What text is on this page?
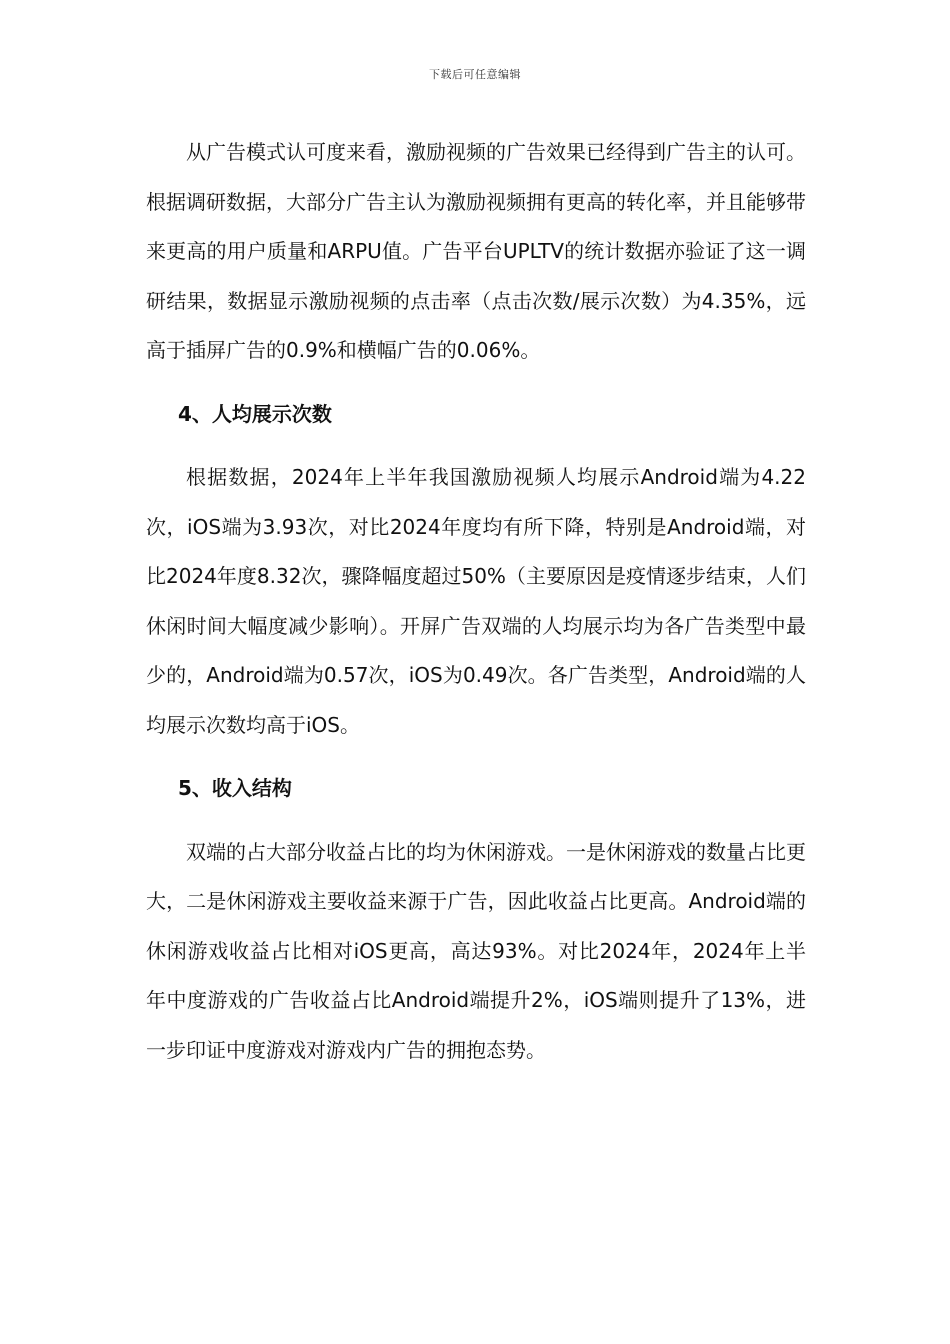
下载后可任意编辑

从广告模式认可度来看，激励视频的广告效果已经得到广告主的认可。根据调研数据，大部分广告主认为激励视频拥有更高的转化率，并且能够带来更高的用户质量和ARPU值。广告平台UPLTV的统计数据亦验证了这一调研结果，数据显示激励视频的点击率（点击次数/展示次数）为4.35%，远高于插屏广告的0.9%和横幅广告的0.06%。

4、人均展示次数

根据数据，2024年上半年我国激励视频人均展示Android端为4.22次，iOS端为3.93次，对比2024年度均有所下降，特别是Android端，对比2024年度8.32次，骤降幅度超过50%（主要原因是疫情逐步结束，人们休闲时间大幅度减少影响）。开屏广告双端的人均展示均为各广告类型中最少的，Android端为0.57次，iOS为0.49次。各广告类型，Android端的人均展示次数均高于iOS。

5、收入结构

双端的占大部分收益占比的均为休闲游戏。一是休闲游戏的数量占比更大，二是休闲游戏主要收益来源于广告，因此收益占比更高。Android端的休闲游戏收益占比相对iOS更高，高达93%。对比2024年，2024年上半年中度游戏的广告收益占比Android端提升2%，iOS端则提升了13%，进一步印证中度游戏对游戏内广告的拥抱态势。
